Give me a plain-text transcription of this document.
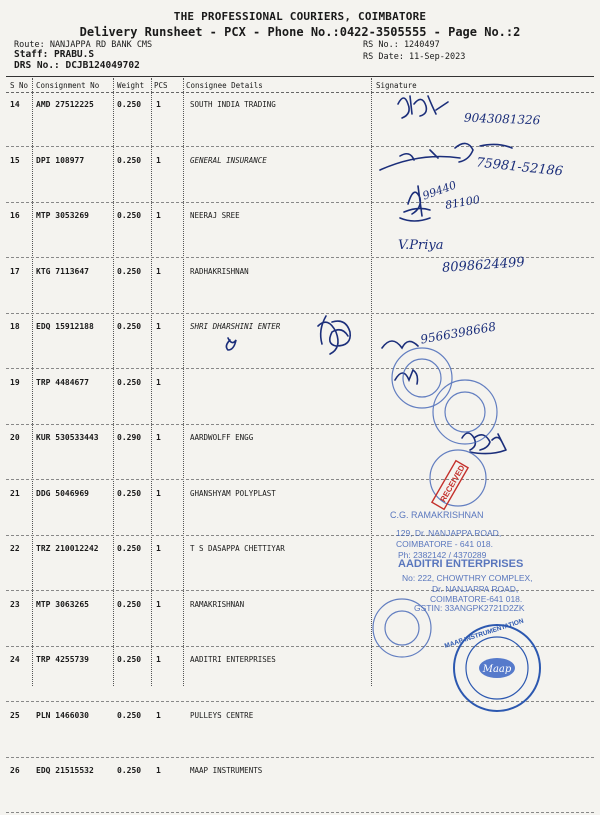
THE PROFESSIONAL COURIERS, COIMBATORE
Delivery Runsheet - PCX - Phone No.:0422-3505555 - Page No.:2
Route: NANJAPPA RD BANK CMS
Staff: PRABU.S
DRS No.: DCJB124049702
RS No.: 1240497
RS Date: 11-Sep-2023
S No Consignment No Weight PCS Consignee Details	Signature
14 AMD 27512225	0.250 1	SOUTH INDIA TRADING
15 DPI 108977	0.250 1	GENERAL INSURANCE
16 MTP 3053269	0.250 1	NEERAJ SREE
17 KTG 7113647	0.250 1	RADHAKRISHNAN
18 EDQ 15912188	0.250 1	SHRI DHARSHINI ENTER
19 TRP 4484677	0.250 1
20 KUR 530533443 0.290 1	AARDWOLFF ENGG
21 DDG 5046969	0.250 1	GHANSHYAM POLYPLAST
22 TRZ 210012242 0.250 1	T S DASAPPA CHETTIYAR
23 MTP 3063265	0.250 1	RAMAKRISHNAN
24 TRP 4255739	0.250 1	AADITRI ENTERPRISES
25 PLN 1466030	0.250 1	PULLEYS CENTRE
26 EDQ 21515532	0.250 1	MAAP INSTRUMENTS
Maap
MAAP INSTRUMENTATION
RECEIVED
9043081326
75981-52186
99440
81100
V.Priya
8098624499
9566398668
C.G. RAMAKRISHNAN
129, Dr. NANJAPPA ROAD,
COIMBATORE - 641 018.
Ph: 2382142 / 4370289
AADITRI ENTERPRISES
No: 222, CHOWTHRY COMPLEX,
Dr. NANJAPPA ROAD,
COIMBATORE-641 018.
GSTIN: 33ANGPK2721D2ZK
